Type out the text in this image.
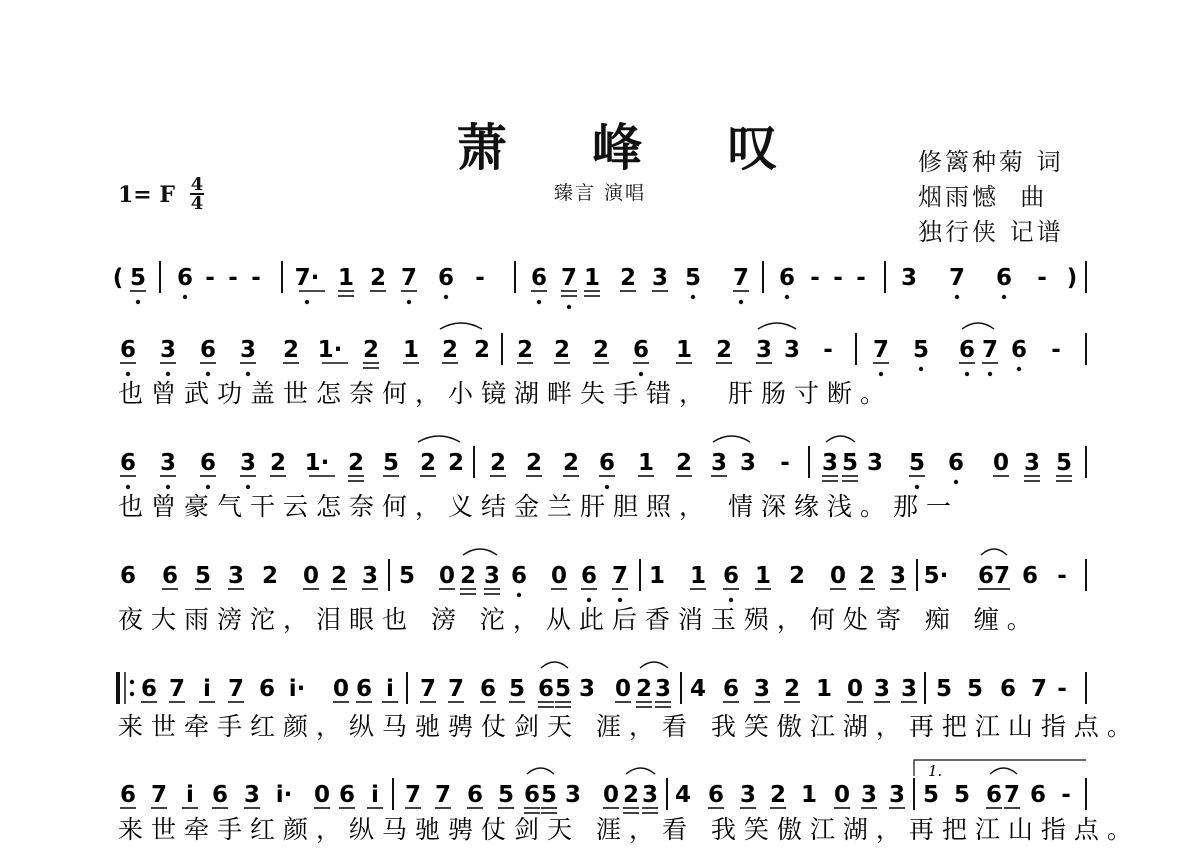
萧 峰 叹
臻言 演唱
修篱种菊 词
烟雨憾  曲
独行侠 记谱
1= F 4
4
( 5 6 - - - 7· 1 2 7 6 - 6 7 1 2 3 5 7 6 - - - 3 7 6 - )
6 3 6 3 2 1· 2 1 2 2 2 2 2 6 1 2 3 3 - 7 5 6 7 6 -
也曾武功盖世怎奈何，小镜湖畔失手错， 肝肠寸断。
6 3 6 3 2 1· 2 5 2 2 2 2 2 6 1 2 3 3 - 3 5 3 5 6 0 3 5
也曾豪气干云怎奈何，义结金兰肝胆照， 情深缘浅。那一
6 6 5 3 2 0 2 3 5 0 2 3 6 0 6 7 1 1 6 1 2 0 2 3 5· 6 7 6 -
夜大雨滂沱，泪眼也 滂 沱，从此后香消玉殒，何处寄 痴 缠。
6 7 i 7 6 i· 0 6 i 7 7 6 5 6 5 3 0 2 3 4 6 3 2 1 0 3 3 5 5 6 7 -
来世牵手红颜，纵马驰骋仗剑天 涯，看 我笑傲江湖，再把江山指点。
6 7 i 6 3 i· 0 6 i 7 7 6 5 6 5 3 0 2 3 4 6 3 2 1 0 3 3 5 5 6 7 6 -
来世牵手红颜，纵马驰骋仗剑天 涯，看 我笑傲江湖，再把江山指点。
1.
